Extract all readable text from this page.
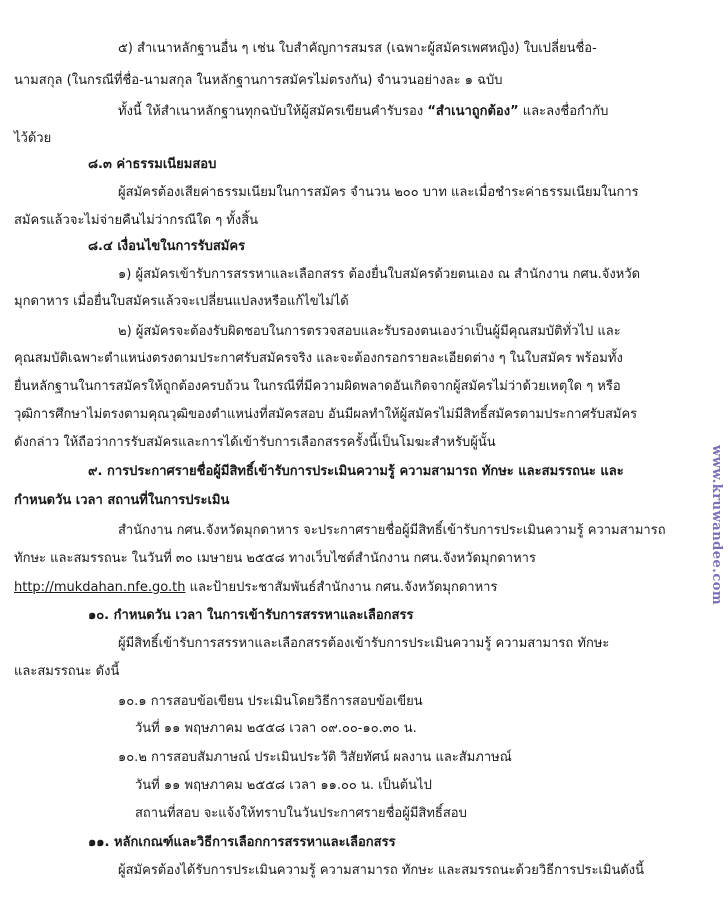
๕) สำเนาหลักฐานอื่น ๆ เช่น ใบสำคัญการสมรส (เฉพาะผู้สมัครเพศหญิง) ใบเปลี่ยนชื่อ-
นามสกุล (ในกรณีที่ชื่อ-นามสกุล ในหลักฐานการสมัครไม่ตรงกัน) จำนวนอย่างละ ๑ ฉบับ
ทั้งนี้ ให้สำเนาหลักฐานทุกฉบับให้ผู้สมัครเขียนคำรับรอง “สำเนาถูกต้อง” และลงชื่อกำกับ
ไว้ด้วย
๘.๓ ค่าธรรมเนียมสอบ
ผู้สมัครต้องเสียค่าธรรมเนียมในการสมัคร จำนวน ๒๐๐ บาท และเมื่อชำระค่าธรรมเนียมในการ
สมัครแล้วจะไม่จ่ายคืนไม่ว่ากรณีใด ๆ ทั้งสิ้น
๘.๔ เงื่อนไขในการรับสมัคร
๑) ผู้สมัครเข้ารับการสรรหาและเลือกสรร ต้องยื่นใบสมัครด้วยตนเอง ณ สำนักงาน กศน.จังหวัด
มุกดาหาร เมื่อยื่นใบสมัครแล้วจะเปลี่ยนแปลงหรือแก้ไขไม่ได้
๒) ผู้สมัครจะต้องรับผิดชอบในการตรวจสอบและรับรองตนเองว่าเป็นผู้มีคุณสมบัติทั่วไป และ
คุณสมบัติเฉพาะตำแหน่งตรงตามประกาศรับสมัครจริง และจะต้องกรอกรายละเอียดต่าง ๆ ในใบสมัคร พร้อมทั้ง
ยื่นหลักฐานในการสมัครให้ถูกต้องครบถ้วน ในกรณีที่มีความผิดพลาดอันเกิดจากผู้สมัครไม่ว่าด้วยเหตุใด ๆ หรือ
วุฒิการศึกษาไม่ตรงตามคุณวุฒิของตำแหน่งที่สมัครสอบ อันมีผลทำให้ผู้สมัครไม่มีสิทธิ์สมัครตามประกาศรับสมัคร
ดังกล่าว ให้ถือว่าการรับสมัครและการได้เข้ารับการเลือกสรรครั้งนี้เป็นโมฆะสำหรับผู้นั้น
๙. การประกาศรายชื่อผู้มีสิทธิ์เข้ารับการประเมินความรู้ ความสามารถ ทักษะ และสมรรถนะ และ
กำหนดวัน เวลา สถานที่ในการประเมิน
สำนักงาน กศน.จังหวัดมุกดาหาร จะประกาศรายชื่อผู้มีสิทธิ์เข้ารับการประเมินความรู้ ความสามารถ
ทักษะ และสมรรถนะ ในวันที่ ๓๐ เมษายน ๒๕๕๘ ทางเว็บไซต์สำนักงาน กศน.จังหวัดมุกดาหาร
http://mukdahan.nfe.go.th และป้ายประชาสัมพันธ์สำนักงาน กศน.จังหวัดมุกดาหาร
๑๐. กำหนดวัน เวลา ในการเข้ารับการสรรหาและเลือกสรร
ผู้มีสิทธิ์เข้ารับการสรรหาและเลือกสรรต้องเข้ารับการประเมินความรู้ ความสามารถ ทักษะ
และสมรรถนะ ดังนี้
๑๐.๑ การสอบข้อเขียน ประเมินโดยวิธีการสอบข้อเขียน
วันที่ ๑๑ พฤษภาคม ๒๕๕๘ เวลา ๐๙.๐๐-๑๐.๓๐ น.
๑๐.๒ การสอบสัมภาษณ์ ประเมินประวัติ วิสัยทัศน์ ผลงาน และสัมภาษณ์
วันที่ ๑๑ พฤษภาคม ๒๕๕๘ เวลา ๑๑.๐๐ น. เป็นต้นไป
สถานที่สอบ จะแจ้งให้ทราบในวันประกาศรายชื่อผู้มีสิทธิ์สอบ
๑๑. หลักเกณฑ์และวิธีการเลือกการสรรหาและเลือกสรร
ผู้สมัครต้องได้รับการประเมินความรู้ ความสามารถ ทักษะ และสมรรถนะด้วยวิธีการประเมินดังนี้
www.kruwandee.com
